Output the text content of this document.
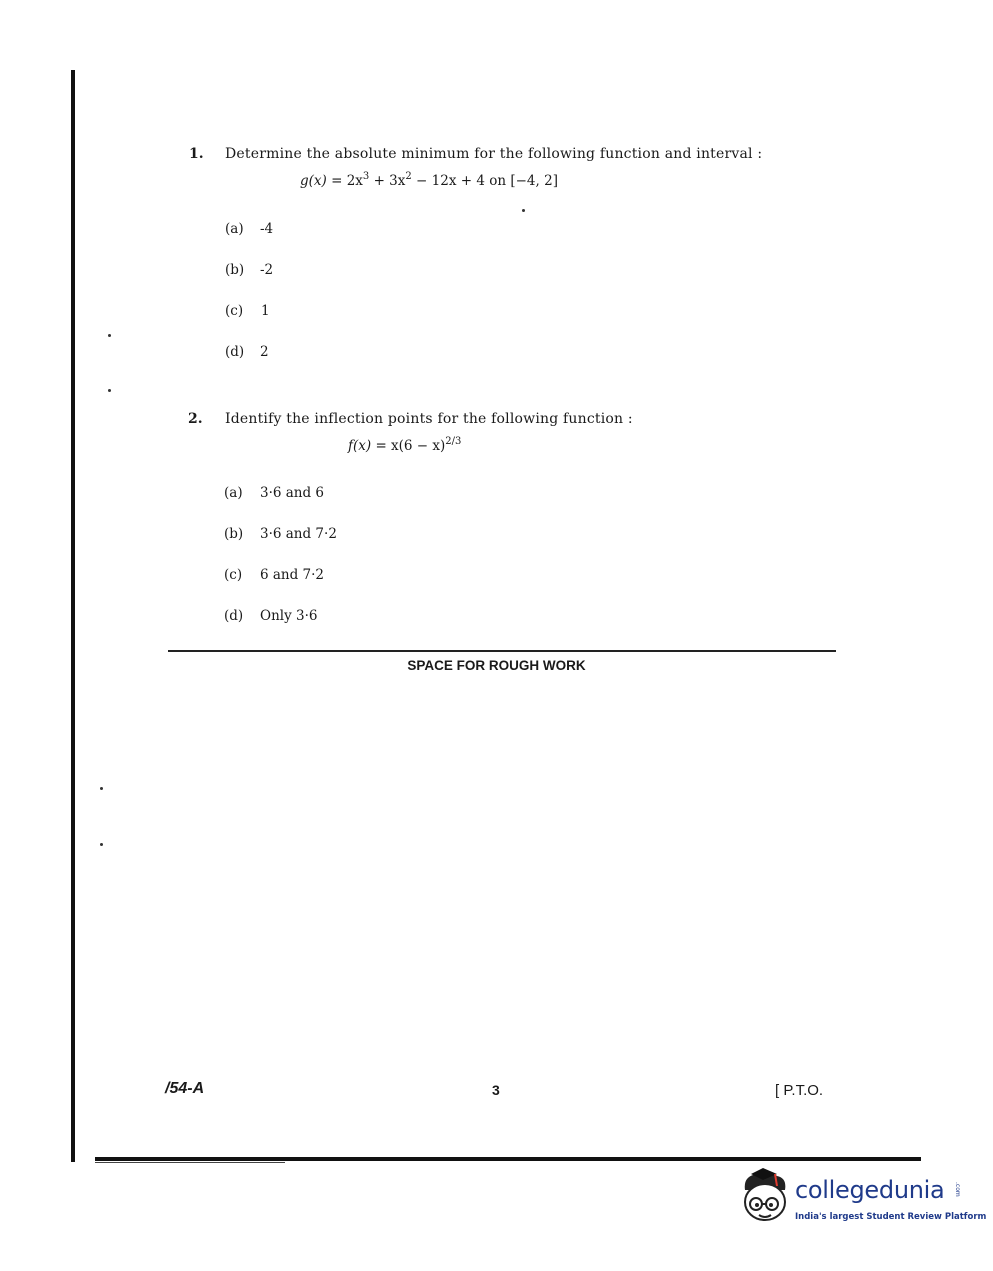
1. Determine the absolute minimum for the following function and interval :
$g(x) = 2x^3 + 3x^2 - 12x + 4$ on [−4, 2]
(a) -4
(b) -2
(c) 1
(d) 2
2. Identify the inflection points for the following function :
$f(x) = x(6 - x)^{2/3}$
(a) 3·6 and 6
(b) 3·6 and 7·2
(c) 6 and 7·2
(d) Only 3·6
SPACE FOR ROUGH WORK
/54-A	3	[ P.T.O.
collegedunia .com
India's largest Student Review Platform
